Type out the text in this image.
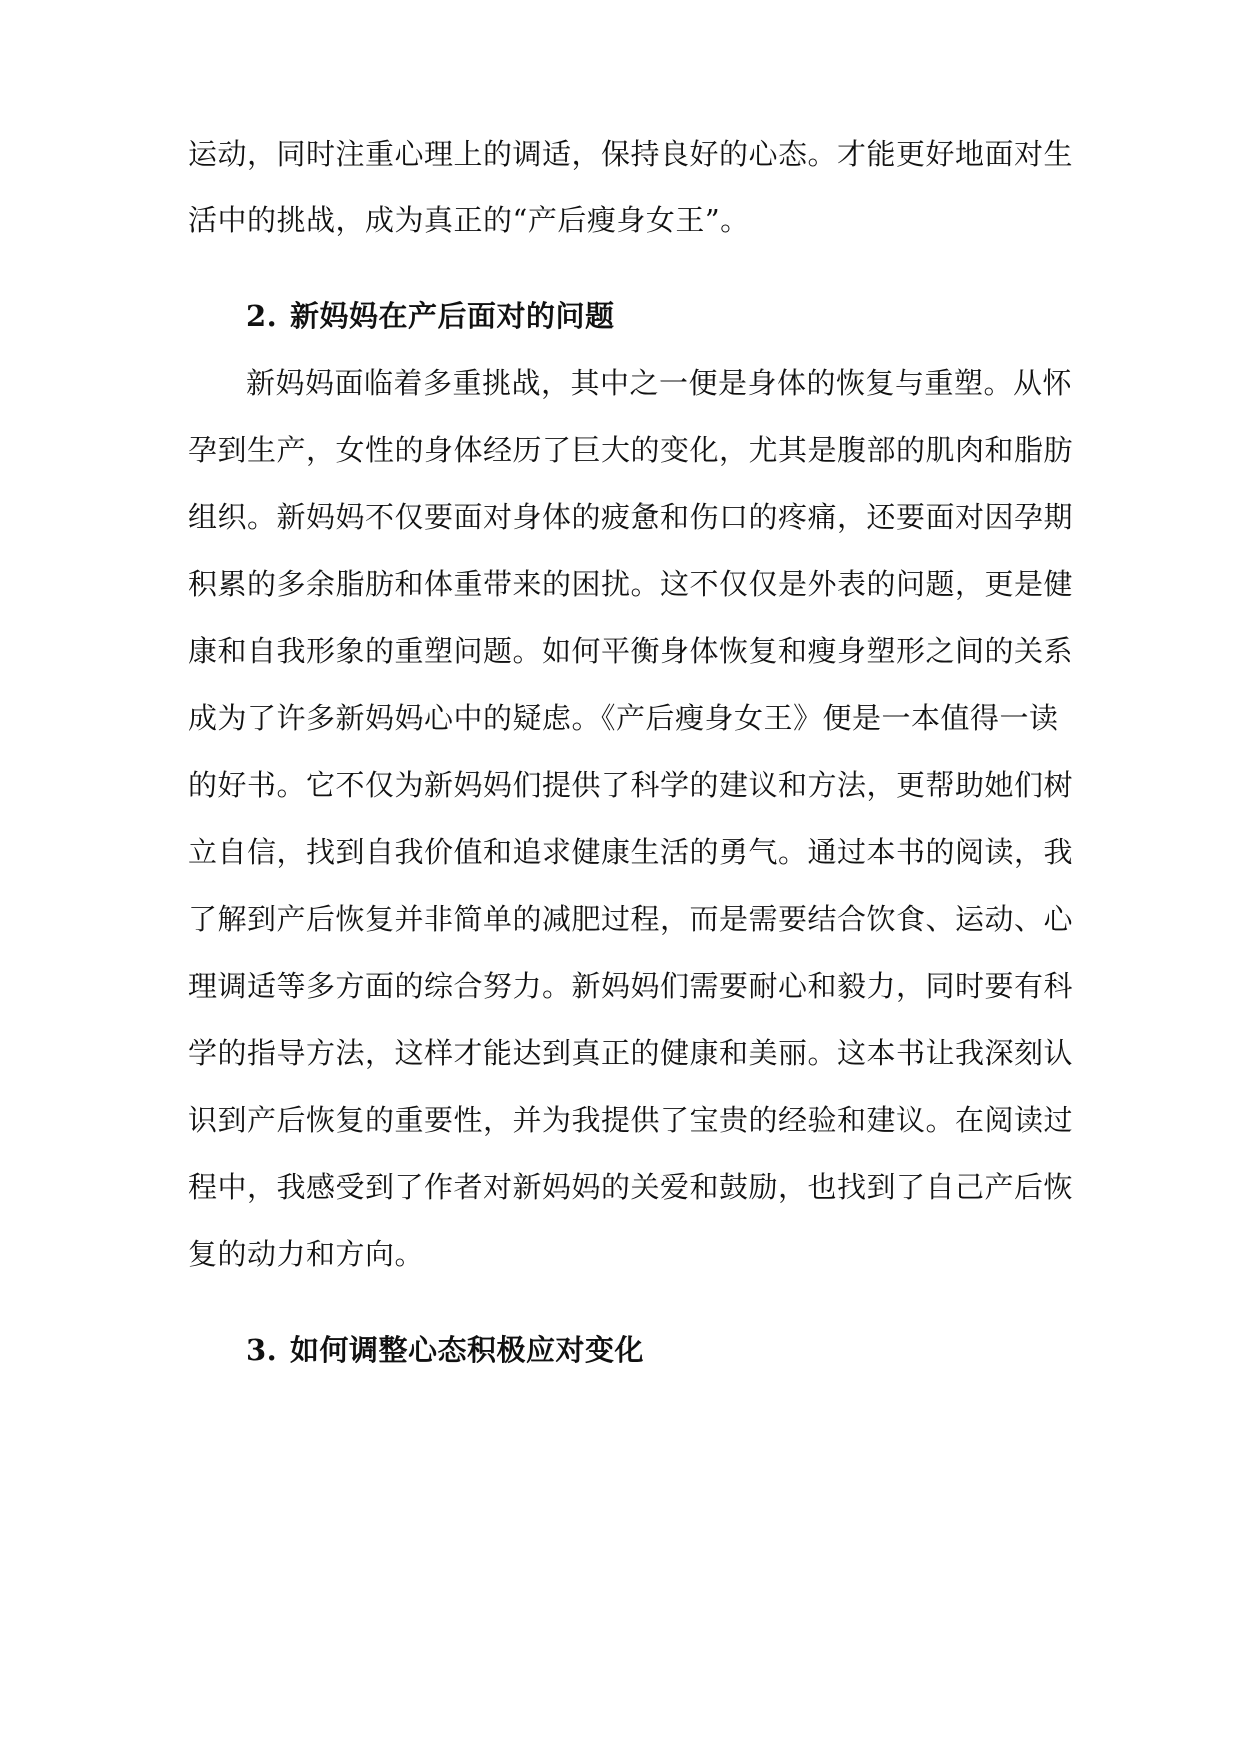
运动，同时注重心理上的调适，保持良好的心态。才能更好地面对生
活中的挑战，成为真正的“产后瘦身女王”。
2. 新妈妈在产后面对的问题
新妈妈面临着多重挑战，其中之一便是身体的恢复与重塑。从怀
孕到生产，女性的身体经历了巨大的变化，尤其是腹部的肌肉和脂肪
组织。新妈妈不仅要面对身体的疲惫和伤口的疼痛，还要面对因孕期
积累的多余脂肪和体重带来的困扰。这不仅仅是外表的问题，更是健
康和自我形象的重塑问题。如何平衡身体恢复和瘦身塑形之间的关系
成为了许多新妈妈心中的疑虑。《产后瘦身女王》便是一本值得一读
的好书。它不仅为新妈妈们提供了科学的建议和方法，更帮助她们树
立自信，找到自我价值和追求健康生活的勇气。通过本书的阅读，我
了解到产后恢复并非简单的减肥过程，而是需要结合饮食、运动、心
理调适等多方面的综合努力。新妈妈们需要耐心和毅力，同时要有科
学的指导方法，这样才能达到真正的健康和美丽。这本书让我深刻认
识到产后恢复的重要性，并为我提供了宝贵的经验和建议。在阅读过
程中，我感受到了作者对新妈妈的关爱和鼓励，也找到了自己产后恢
复的动力和方向。
3. 如何调整心态积极应对变化
